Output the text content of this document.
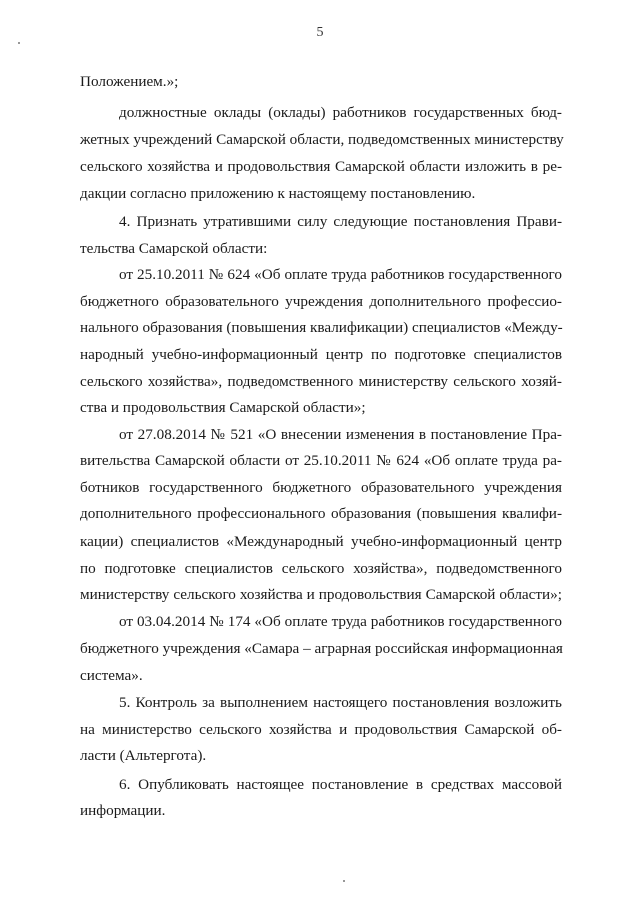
5
Положением.»;
должностные оклады (оклады) работников государственных бюд-
жетных учреждений Самарской области, подведомственных министерству
сельского хозяйства и продовольствия Самарской области изложить в ре-
дакции согласно приложению к настоящему постановлению.
4. Признать утратившими силу следующие постановления Прави-
тельства Самарской области:
от 25.10.2011 № 624 «Об оплате труда работников государственного
бюджетного образовательного учреждения дополнительного профессио-
нального образования (повышения квалификации) специалистов «Между-
народный учебно-информационный центр по подготовке специалистов
сельского хозяйства», подведомственного министерству сельского хозяй-
ства и продовольствия Самарской области»;
от 27.08.2014 № 521 «О внесении изменения в постановление Пра-
вительства Самарской области от 25.10.2011 № 624 «Об оплате труда ра-
ботников государственного бюджетного образовательного учреждения
дополнительного профессионального образования (повышения квалифи-
кации) специалистов «Международный учебно-информационный центр
по подготовке специалистов сельского хозяйства», подведомственного
министерству сельского хозяйства и продовольствия Самарской области»;
от 03.04.2014 № 174 «Об оплате труда работников государственного
бюджетного учреждения «Самара – аграрная российская информационная
система».
5. Контроль за выполнением настоящего постановления возложить
на министерство сельского хозяйства и продовольствия Самарской об-
ласти (Альтергота).
6. Опубликовать настоящее постановление в средствах массовой
информации.
